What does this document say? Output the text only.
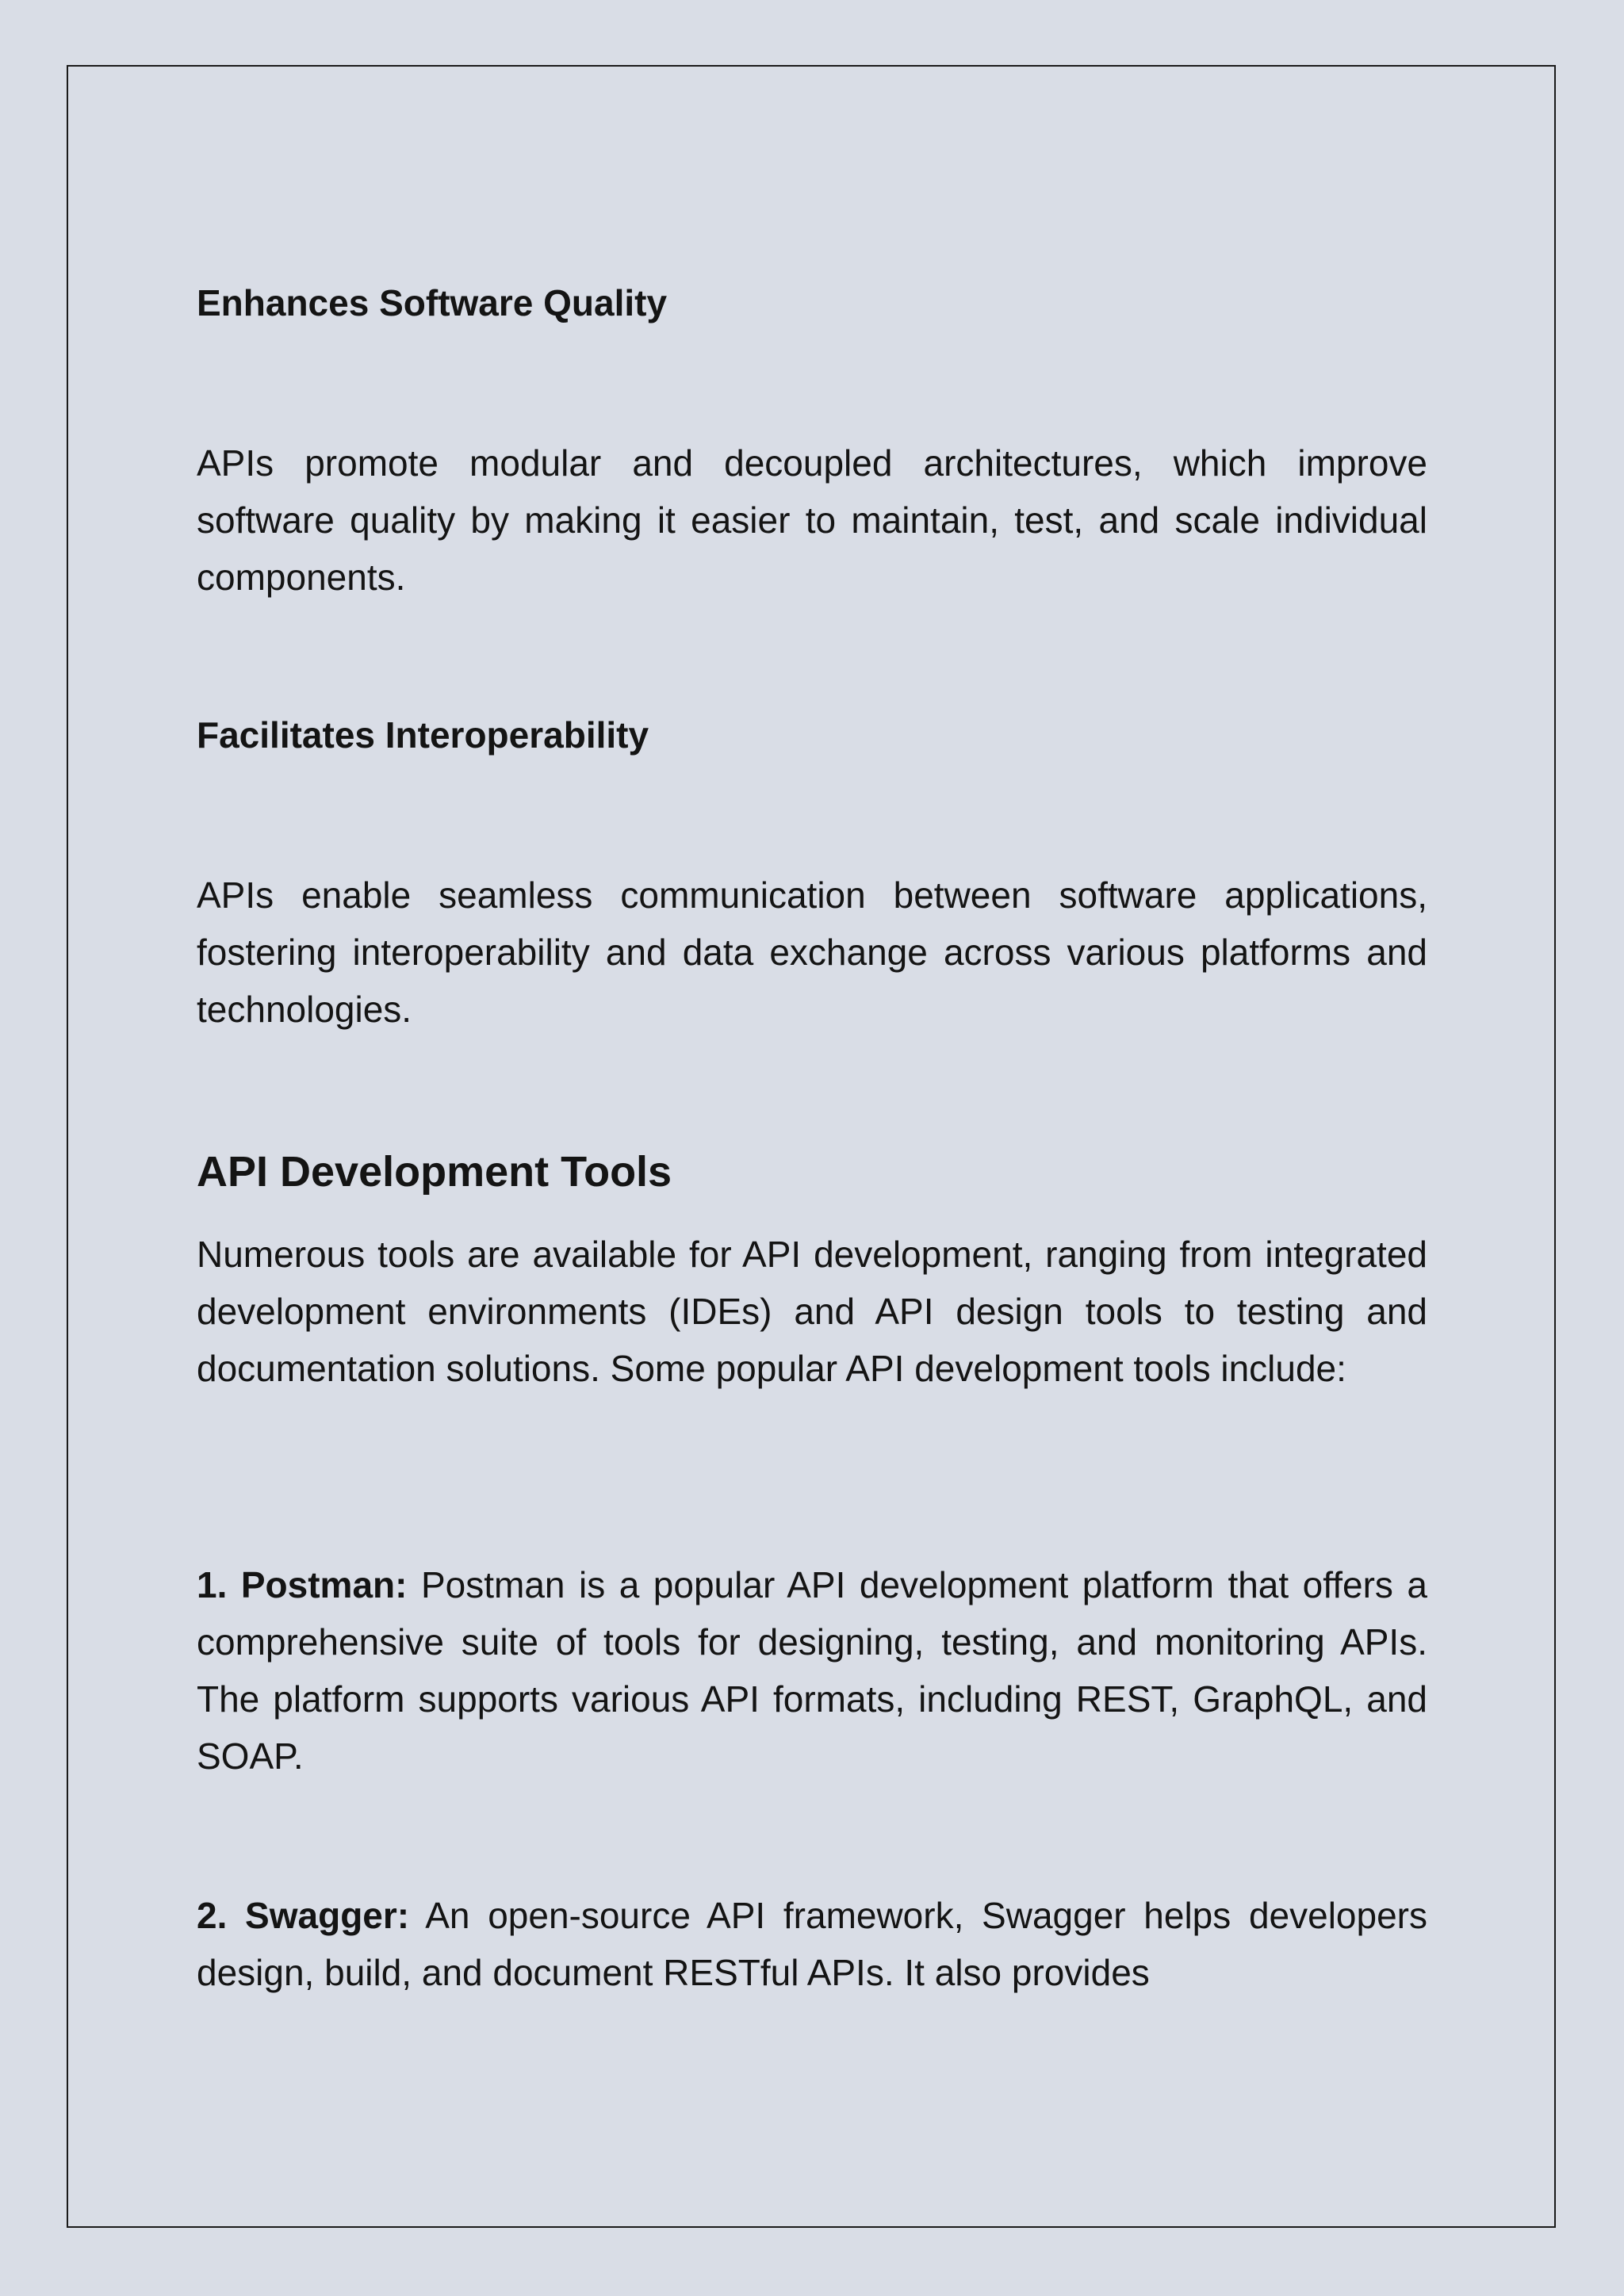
Enhances Software Quality

APIs promote modular and decoupled architectures, which improve software quality by making it easier to maintain, test, and scale individual components.

Facilitates Interoperability

APIs enable seamless communication between software applications, fostering interoperability and data exchange across various platforms and technologies.

API Development Tools

Numerous tools are available for API development, ranging from integrated development environments (IDEs) and API design tools to testing and documentation solutions. Some popular API development tools include:

1. Postman: Postman is a popular API development platform that offers a comprehensive suite of tools for designing, testing, and monitoring APIs. The platform supports various API formats, including REST, GraphQL, and SOAP.

2. Swagger: An open-source API framework, Swagger helps developers design, build, and document RESTful APIs. It also provides
